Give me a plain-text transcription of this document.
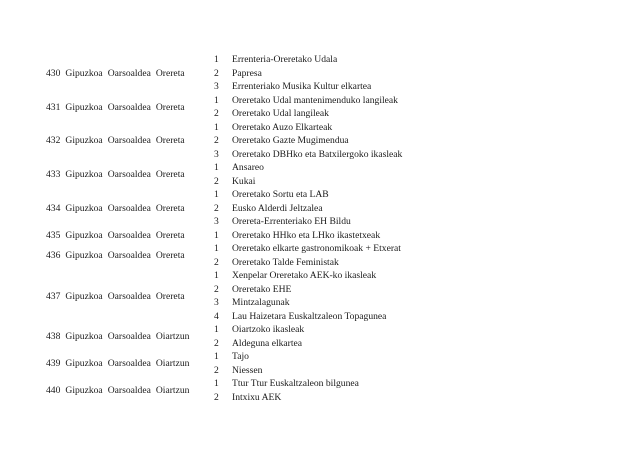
430 Gipuzkoa Oarsoaldea Orereta
1 Errenteria-Oreretako Udala
2 Papresa
3 Errenteriako Musika Kultur elkartea
431 Gipuzkoa Oarsoaldea Orereta
1 Oreretako Udal mantenimenduko langileak
2 Oreretako Udal langileak
432 Gipuzkoa Oarsoaldea Orereta
1 Oreretako Auzo Elkarteak
2 Oreretako Gazte Mugimendua
3 Oreretako DBHko eta Batxilergoko ikasleak
433 Gipuzkoa Oarsoaldea Orereta
1 Ansareo
2 Kukai
434 Gipuzkoa Oarsoaldea Orereta
1 Oreretako Sortu eta LAB
2 Eusko Alderdi Jeltzalea
3 Orereta-Errenteriako EH Bildu
435 Gipuzkoa Oarsoaldea Orereta	1 Oreretako HHko eta LHko ikastetxeak
436 Gipuzkoa Oarsoaldea Orereta
1 Oreretako elkarte gastronomikoak + Etxerat
2 Oreretako Talde Feministak
437 Gipuzkoa Oarsoaldea Orereta
1 Xenpelar Oreretako AEK-ko ikasleak
2 Oreretako EHE
3 Mintzalagunak
4 Lau Haizetara Euskaltzaleon Topagunea
438 Gipuzkoa Oarsoaldea Oiartzun
1 Oiartzoko ikasleak
2 Aldeguna elkartea
439 Gipuzkoa Oarsoaldea Oiartzun
1 Tajo
2 Niessen
440 Gipuzkoa Oarsoaldea Oiartzun
1 Ttur Ttur Euskaltzaleon bilgunea
2 Intxixu AEK
